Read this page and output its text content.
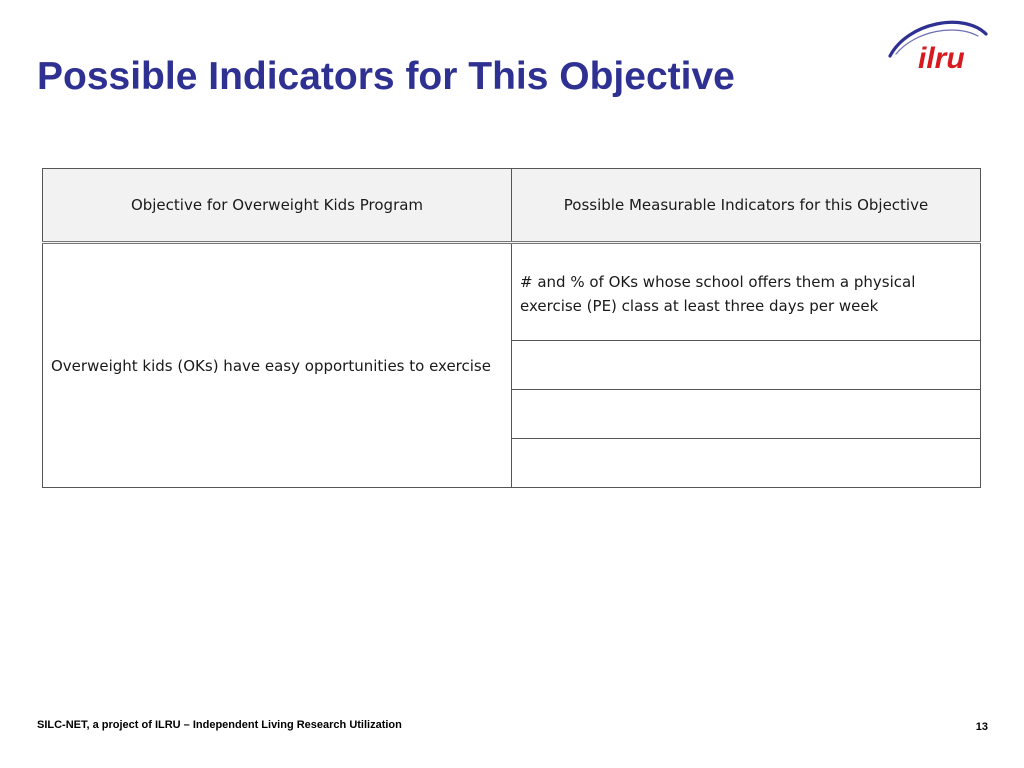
Possible Indicators for This Objective	ilru
Objective for Overweight Kids Program	Possible Measurable Indicators for this Objective
Overweight kids (OKs) have easy opportunities to exercise	# and % of OKs whose school offers them a physical exercise (PE) class at least three days per week

SILC-NET, a project of ILRU – Independent Living Research Utilization	13
